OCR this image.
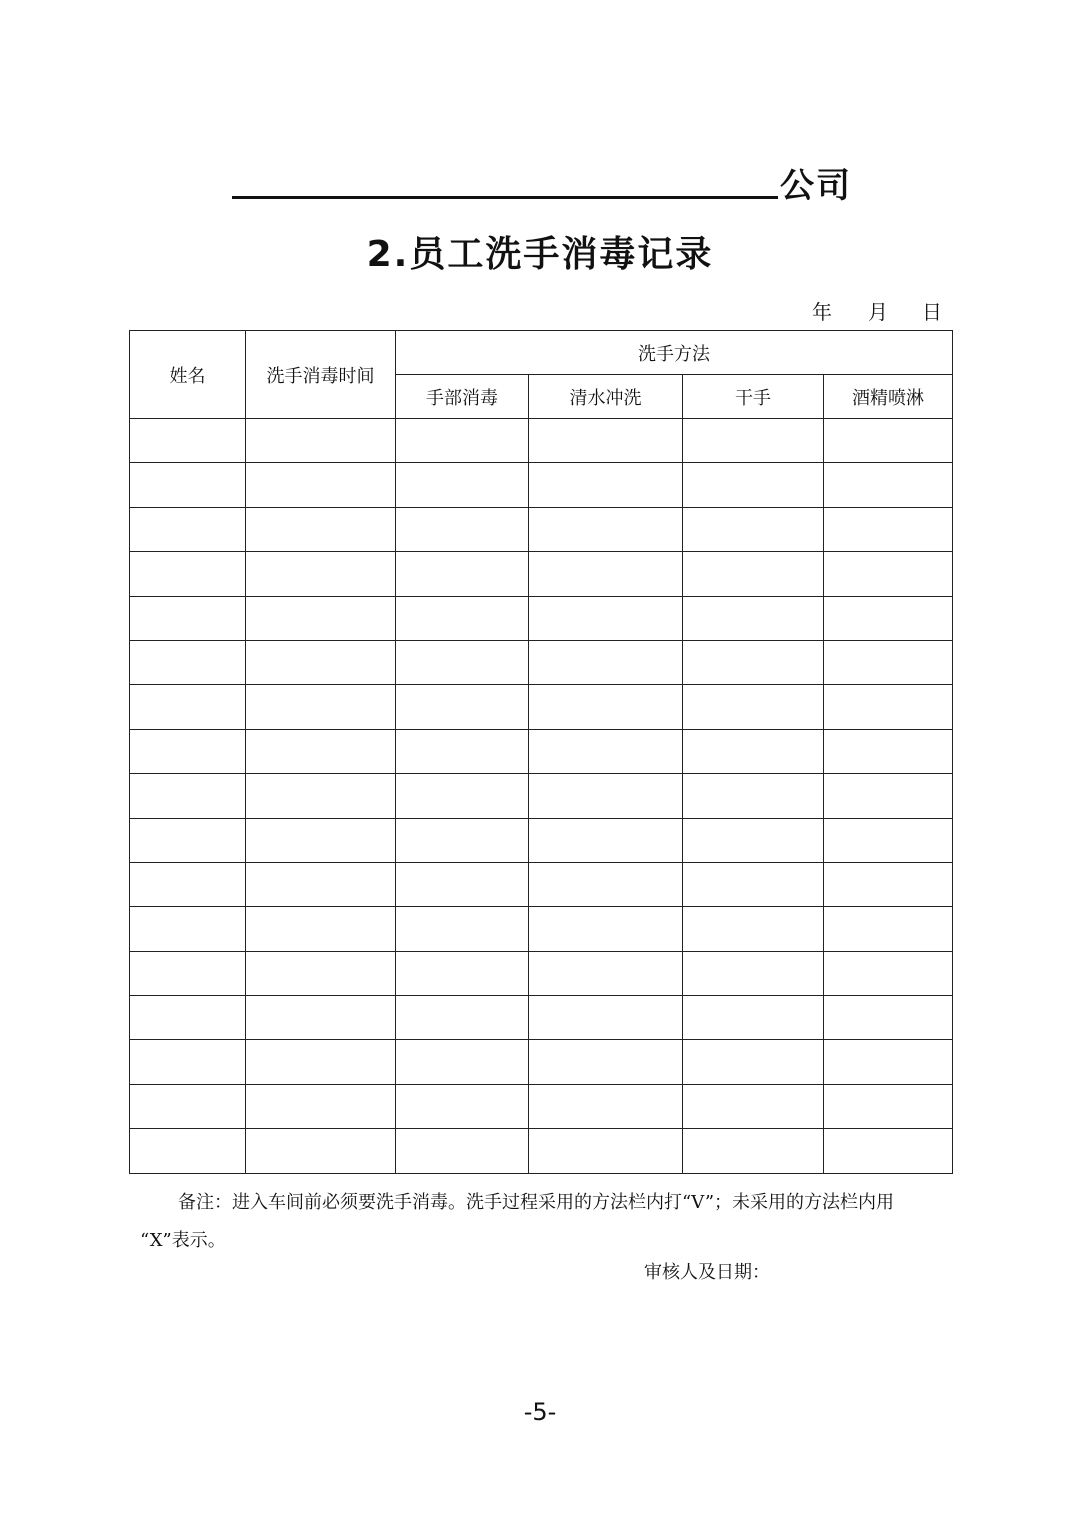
公司
2.员工洗手消毒记录
年 月 日
姓名	洗手消毒时间	洗手方法			
		手部消毒	清水冲洗	干手	酒精喷淋

备注：进入车间前必须要洗手消毒。洗手过程采用的方法栏内打“V”；未采用的方法栏内用
“X”表示。
审核人及日期：
-5-
